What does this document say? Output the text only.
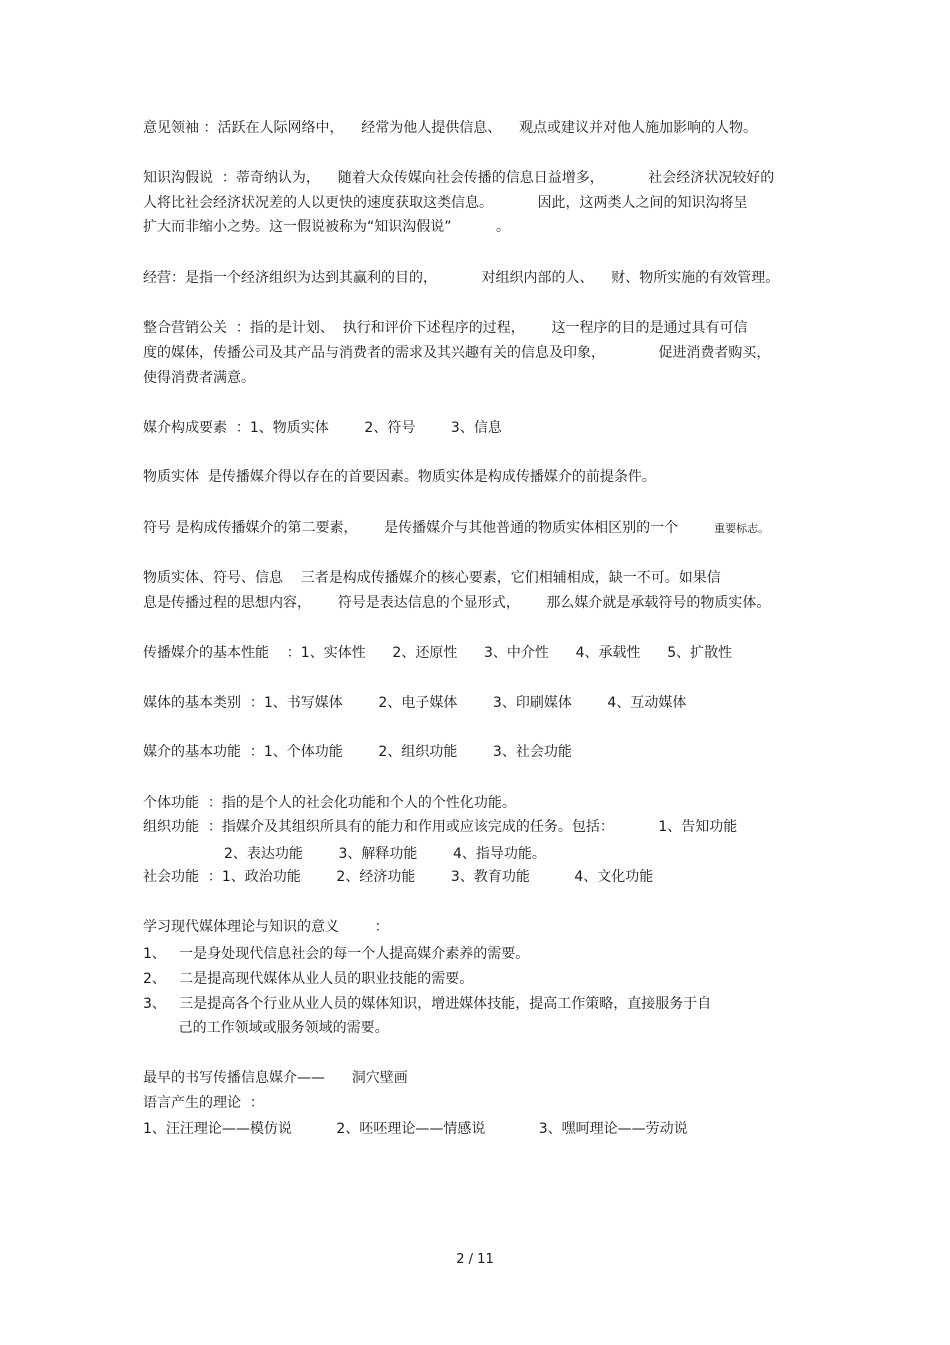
意见领袖 ：活跃在人际网络中，    经常为他人提供信息、    观点或建议并对他人施加影响的人物。
知识沟假说  ：蒂奇纳认为，    随着大众传媒向社会传播的信息日益增多，          社会经济状况较好的
人将比社会经济状况差的人以更快的速度获取这类信息。          因此，这两类人之间的知识沟将呈
扩大而非缩小之势。这一假说被称为“知识沟假说”          。
经营：是指一个经济组织为达到其赢利的目的，          对组织内部的人、    财、物所实施的有效管理。
整合营销公关  ：指的是计划、  执行和评价下述程序的过程，      这一程序的目的是通过具有可信
度的媒体，传播公司及其产品与消费者的需求及其兴趣有关的信息及印象，            促进消费者购买，
使得消费者满意。
媒介构成要素  ：1、物质实体        2、符号        3、信息
物质实体  是传播媒介得以存在的首要因素。物质实体是构成传播媒介的前提条件。
符号 是构成传播媒介的第二要素，      是传播媒介与其他普通的物质实体相区别的一个	重要标志。
物质实体、符号、信息    三者是构成传播媒介的核心要素，它们相辅相成，缺一不可。如果信
息是传播过程的思想内容，      符号是表达信息的个显形式，      那么媒介就是承载符号的物质实体。
传播媒介的基本性能    ：1、实体性      2、还原性      3、中介性      4、承载性      5、扩散性
媒体的基本类别  ：1、书写媒体        2、电子媒体        3、印刷媒体        4、互动媒体
媒介的基本功能  ：1、个体功能        2、组织功能        3、社会功能
个体功能  ：指的是个人的社会化功能和个人的个性化功能。
组织功能  ：指媒介及其组织所具有的能力和作用或应该完成的任务。包括：          1、告知功能
2、表达功能        3、解释功能        4、指导功能。
社会功能  ：1、政治功能        2、经济功能        3、教育功能          4、文化功能
学习现代媒体理论与知识的意义        ：
1、   一是身处现代信息社会的每一个人提高媒介素养的需要。
2、   二是提高现代媒体从业人员的职业技能的需要。
3、   三是提高各个行业从业人员的媒体知识，增进媒体技能，提高工作策略，直接服务于自
己的工作领域或服务领域的需要。
最早的书写传播信息媒介——      洞穴壁画
语言产生的理论  ：
1、汪汪理论——模仿说          2、呸呸理论——情感说            3、嘿呵理论——劳动说
2 / 11
